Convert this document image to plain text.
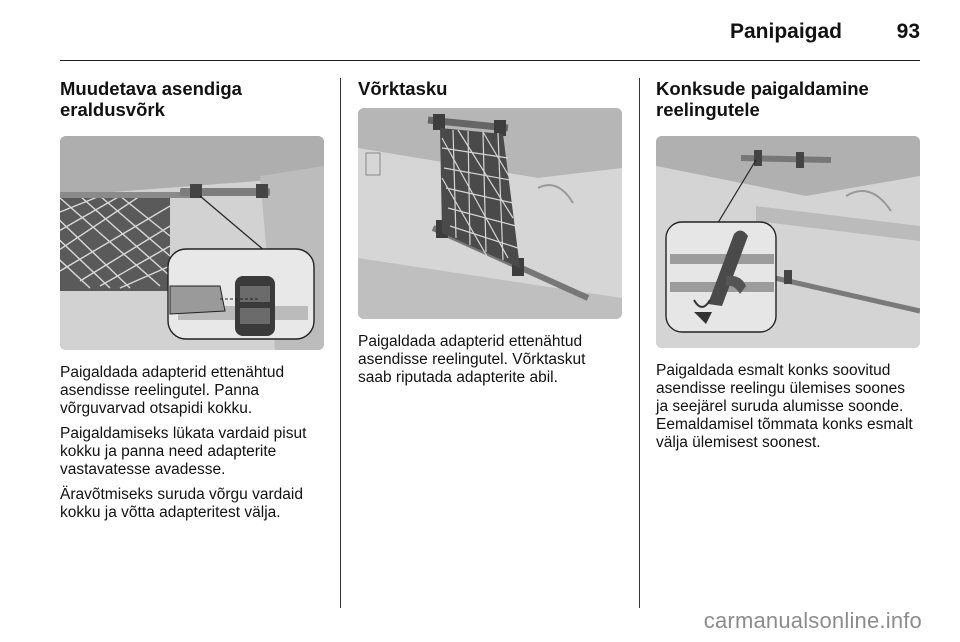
Panipaigad	93
Muudetava asendiga eraldusvõrk

Paigaldada adapterid ettenähtud asendisse reelingutel. Panna võrguvarvad otsapidi kokku.

Paigaldamiseks lükata vardaid pisut kokku ja panna need adapterite vastavatesse avadesse.

Äravõtmiseks suruda võrgu vardaid kokku ja võtta adapteritest välja.

Võrktasku

Paigaldada adapterid ettenähtud asendisse reelingutel. Võrktaskut saab riputada adapterite abil.

Konksude paigaldamine reelingutele

Paigaldada esmalt konks soovitud asendisse reelingu ülemises soones ja seejärel suruda alumisse soonde. Eemaldamisel tõmmata konks esmalt välja ülemisest soonest.

carmanualsonline.info
